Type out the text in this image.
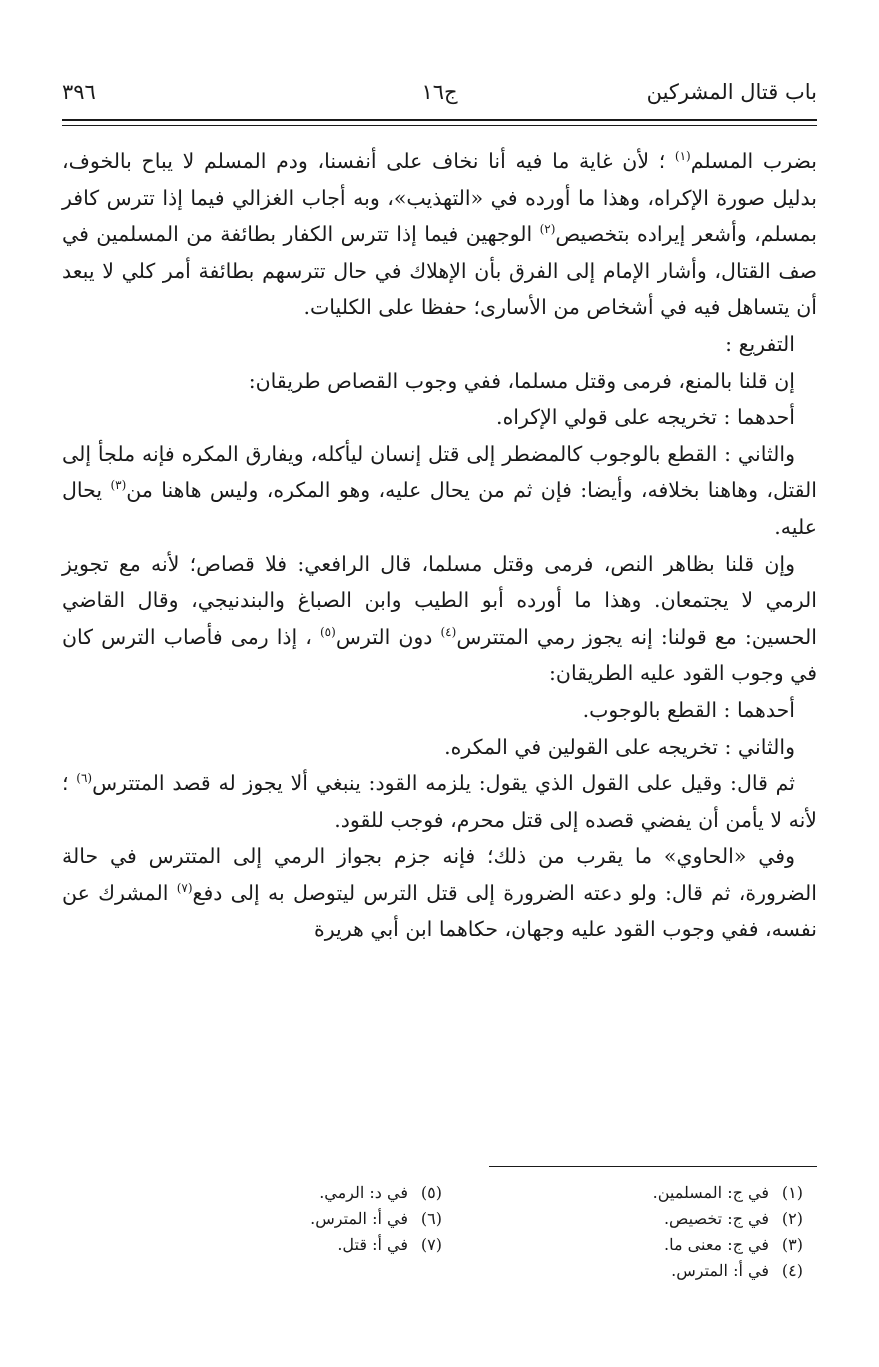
باب قتال المشركين
ج١٦
٣٩٦

بضرب المسلم$^{(١)}$ ؛ لأن غاية ما فيه أنا نخاف على أنفسنا، ودم المسلم لا يباح بالخوف، بدليل صورة الإكراه، وهذا ما أورده في «التهذيب»، وبه أجاب الغزالي فيما إذا تترس كافر بمسلم، وأشعر إيراده بتخصيص$^{(٢)}$ الوجهين فيما إذا تترس الكفار بطائفة من المسلمين في صف القتال، وأشار الإمام إلى الفرق بأن الإهلاك في حال تترسهم بطائفة أمر كلي لا يبعد أن يتساهل فيه في أشخاص من الأسارى؛ حفظا على الكليات.

التفريع :

إن قلنا بالمنع، فرمى وقتل مسلما، ففي وجوب القصاص طريقان:

أحدهما : تخريجه على قولي الإكراه.

والثاني : القطع بالوجوب كالمضطر إلى قتل إنسان ليأكله، ويفارق المكره فإنه ملجأ إلى القتل، وهاهنا بخلافه، وأيضا: فإن ثم من يحال عليه، وهو المكره، وليس هاهنا من$^{(٣)}$ يحال عليه.

وإن قلنا بظاهر النص، فرمى وقتل مسلما، قال الرافعي: فلا قصاص؛ لأنه مع تجويز الرمي لا يجتمعان. وهذا ما أورده أبو الطيب وابن الصباغ والبندنيجي، وقال القاضي الحسين: مع قولنا: إنه يجوز رمي المتترس$^{(٤)}$ دون الترس$^{(٥)}$ ، إذا رمى فأصاب الترس كان في وجوب القود عليه الطريقان:

أحدهما : القطع بالوجوب.

والثاني : تخريجه على القولين في المكره.

ثم قال: وقيل على القول الذي يقول: يلزمه القود: ينبغي ألا يجوز له قصد المتترس$^{(٦)}$ ؛ لأنه لا يأمن أن يفضي قصده إلى قتل محرم، فوجب للقود.

وفي «الحاوي» ما يقرب من ذلك؛ فإنه جزم بجواز الرمي إلى المتترس في حالة الضرورة، ثم قال: ولو دعته الضرورة إلى قتل الترس ليتوصل به إلى دفع$^{(٧)}$ المشرك عن نفسه، ففي وجوب القود عليه وجهان، حكاهما ابن أبي هريرة

(١)في ج: المسلمين.
(٢)في ج: تخصيص.
(٣)في ج: معنى ما.
(٤)في أ: المترس.
(٥)في د: الرمي.
(٦)في أ: المترس.
(٧)في أ: قتل.
